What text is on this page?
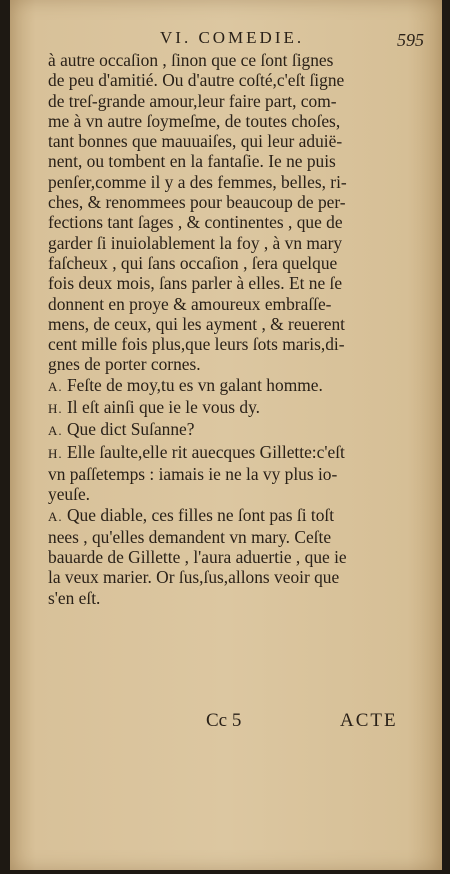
VI. COMEDIE.	595
à autre occaſion , ſinon que ce ſont ſignes
de peu d'amitié. Ou d'autre coſté,c'eſt ſigne
de treſ-grande amour,leur faire part, com-
me à vn autre ſoymeſme, de toutes choſes,
tant bonnes que mauuaiſes, qui leur aduië-
nent, ou tombent en la fantaſie. Ie ne puis
penſer,comme il y a des femmes, belles, ri-
ches, & renommees pour beaucoup de per-
fections tant ſages , & continentes , que de
garder ſi inuiolablement la foy , à vn mary
faſcheux , qui ſans occaſion , ſera quelque
fois deux mois, ſans parler à elles. Et ne ſe
donnent en proye & amoureux embraſſe-
mens, de ceux, qui les ayment , & reuerent
cent mille fois plus,que leurs ſots maris,di-
gnes de porter cornes.
A. Feſte de moy,tu es vn galant homme.
H. Il eſt ainſi que ie le vous dy.
A. Que dict Suſanne?
H. Elle ſaulte,elle rit auecques Gillette:c'eſt
vn paſſetemps : iamais ie ne la vy plus io-
yeuſe.
A. Que diable, ces filles ne ſont pas ſi toſt
nees , qu'elles demandent vn mary. Ceſte
bauarde de Gillette , l'aura aduertie , que ie
la veux marier. Or ſus,ſus,allons veoir que
s'en eſt.
Cc 5	ACTE
